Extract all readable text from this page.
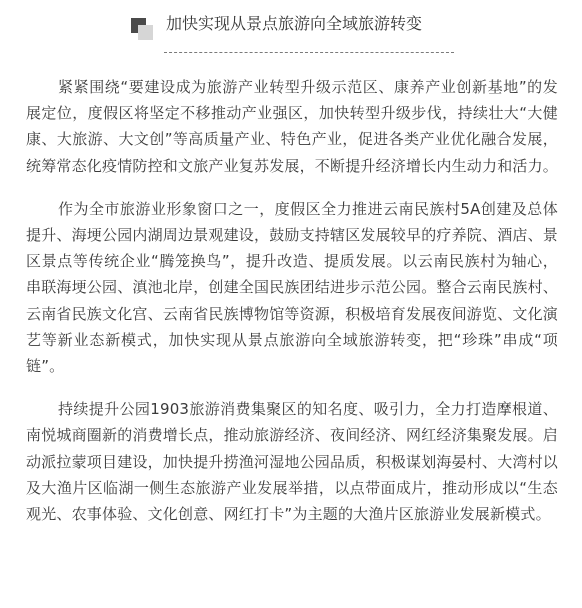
加快实现从景点旅游向全域旅游转变

紧紧围绕“要建设成为旅游产业转型升级示范区、康养产业创新基地”的发展定位，度假区将坚定不移推动产业强区，加快转型升级步伐，持续壮大“大健康、大旅游、大文创”等高质量产业、特色产业，促进各类产业优化融合发展，统筹常态化疫情防控和文旅产业复苏发展，不断提升经济增长内生动力和活力。

作为全市旅游业形象窗口之一，度假区全力推进云南民族村5A创建及总体提升、海埂公园内湖周边景观建设，鼓励支持辖区发展较早的疗养院、酒店、景区景点等传统企业“腾笼换鸟”，提升改造、提质发展。以云南民族村为轴心，串联海埂公园、滇池北岸，创建全国民族团结进步示范公园。整合云南民族村、云南省民族文化宫、云南省民族博物馆等资源，积极培育发展夜间游览、文化演艺等新业态新模式，加快实现从景点旅游向全域旅游转变，把“珍珠”串成“项链”。

持续提升公园1903旅游消费集聚区的知名度、吸引力，全力打造摩根道、南悦城商圈新的消费增长点，推动旅游经济、夜间经济、网红经济集聚发展。启动派拉蒙项目建设，加快提升捞渔河湿地公园品质，积极谋划海晏村、大湾村以及大渔片区临湖一侧生态旅游产业发展举措，以点带面成片，推动形成以“生态观光、农事体验、文化创意、网红打卡”为主题的大渔片区旅游业发展新模式。
